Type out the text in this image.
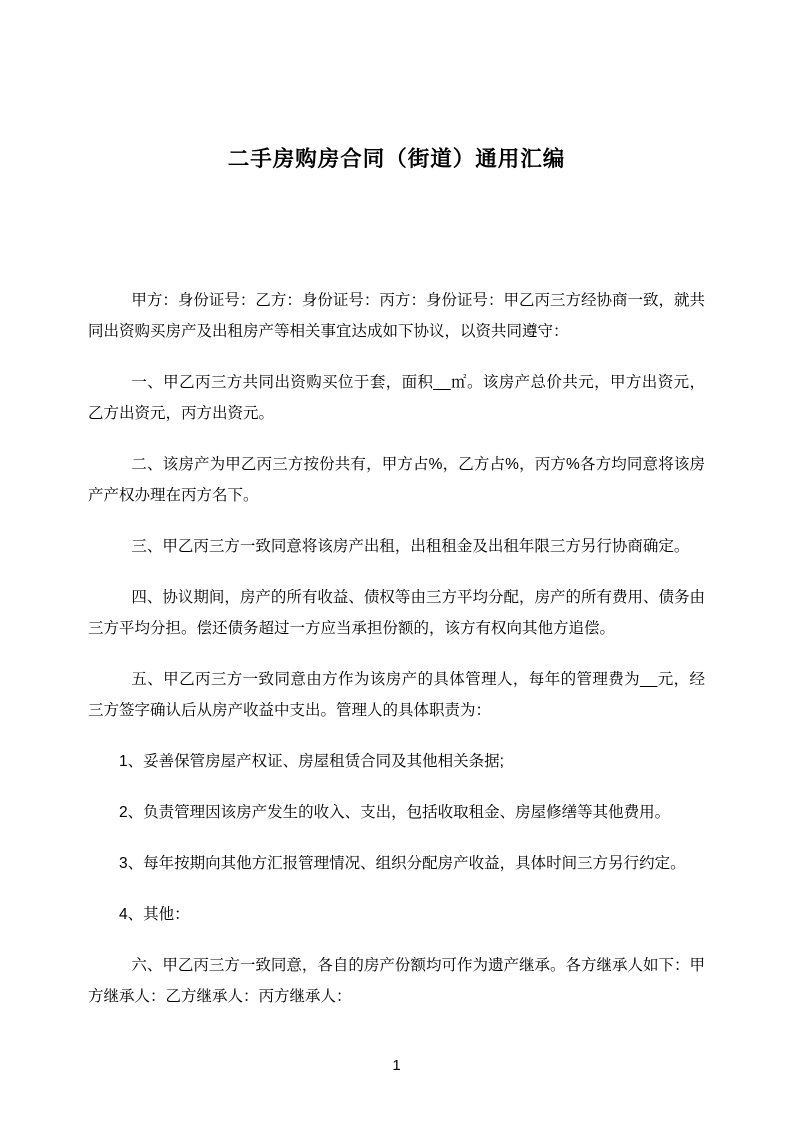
二手房购房合同（街道）通用汇编

甲方：身份证号：乙方：身份证号：丙方：身份证号：甲乙丙三方经协商一致，就共同出资购买房产及出租房产等相关事宜达成如下协议，以资共同遵守：

一、甲乙丙三方共同出资购买位于套，面积__㎡。该房产总价共元，甲方出资元，乙方出资元，丙方出资元。

二、该房产为甲乙丙三方按份共有，甲方占%，乙方占%，丙方%各方均同意将该房产产权办理在丙方名下。

三、甲乙丙三方一致同意将该房产出租，出租租金及出租年限三方另行协商确定。

四、协议期间，房产的所有收益、债权等由三方平均分配，房产的所有费用、债务由三方平均分担。偿还债务超过一方应当承担份额的，该方有权向其他方追偿。

五、甲乙丙三方一致同意由方作为该房产的具体管理人，每年的管理费为__元，经三方签字确认后从房产收益中支出。管理人的具体职责为：

1、妥善保管房屋产权证、房屋租赁合同及其他相关条据;

2、负责管理因该房产发生的收入、支出，包括收取租金、房屋修缮等其他费用。

3、每年按期向其他方汇报管理情况、组织分配房产收益，具体时间三方另行约定。

4、其他：

六、甲乙丙三方一致同意，各自的房产份额均可作为遗产继承。各方继承人如下：甲方继承人：乙方继承人：丙方继承人：

1
